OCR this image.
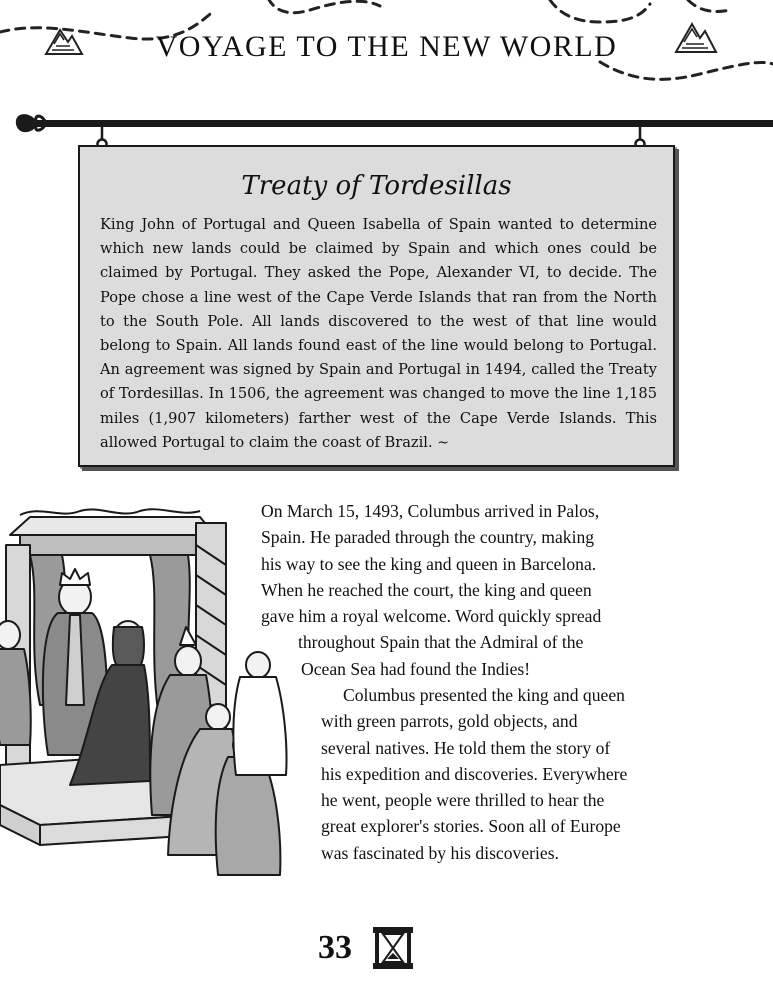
VOYAGE TO THE NEW WORLD
Treaty of Tordesillas
King John of Portugal and Queen Isabella of Spain wanted to determine which new lands could be claimed by Spain and which ones could be claimed by Portugal. They asked the Pope, Alexander VI, to decide. The Pope chose a line west of the Cape Verde Islands that ran from the North to the South Pole. All lands discovered to the west of that line would belong to Spain. All lands found east of the line would belong to Portugal. An agreement was signed by Spain and Portugal in 1494, called the Treaty of Tordesillas. In 1506, the agreement was changed to move the line 1,185 miles (1,907 kilometers) farther west of the Cape Verde Islands. This allowed Portugal to claim the coast of Brazil. ~
On March 15, 1493, Columbus arrived in Palos,
Spain. He paraded through the country, making
his way to see the king and queen in Barcelona.
When he reached the court, the king and queen
gave him a royal welcome. Word quickly spread
throughout Spain that the Admiral of the
Ocean Sea had found the Indies!
Columbus presented the king and queen
with green parrots, gold objects, and
several natives. He told them the story of
his expedition and discoveries. Everywhere
he went, people were thrilled to hear the
great explorer's stories. Soon all of Europe
was fascinated by his discoveries.
33
